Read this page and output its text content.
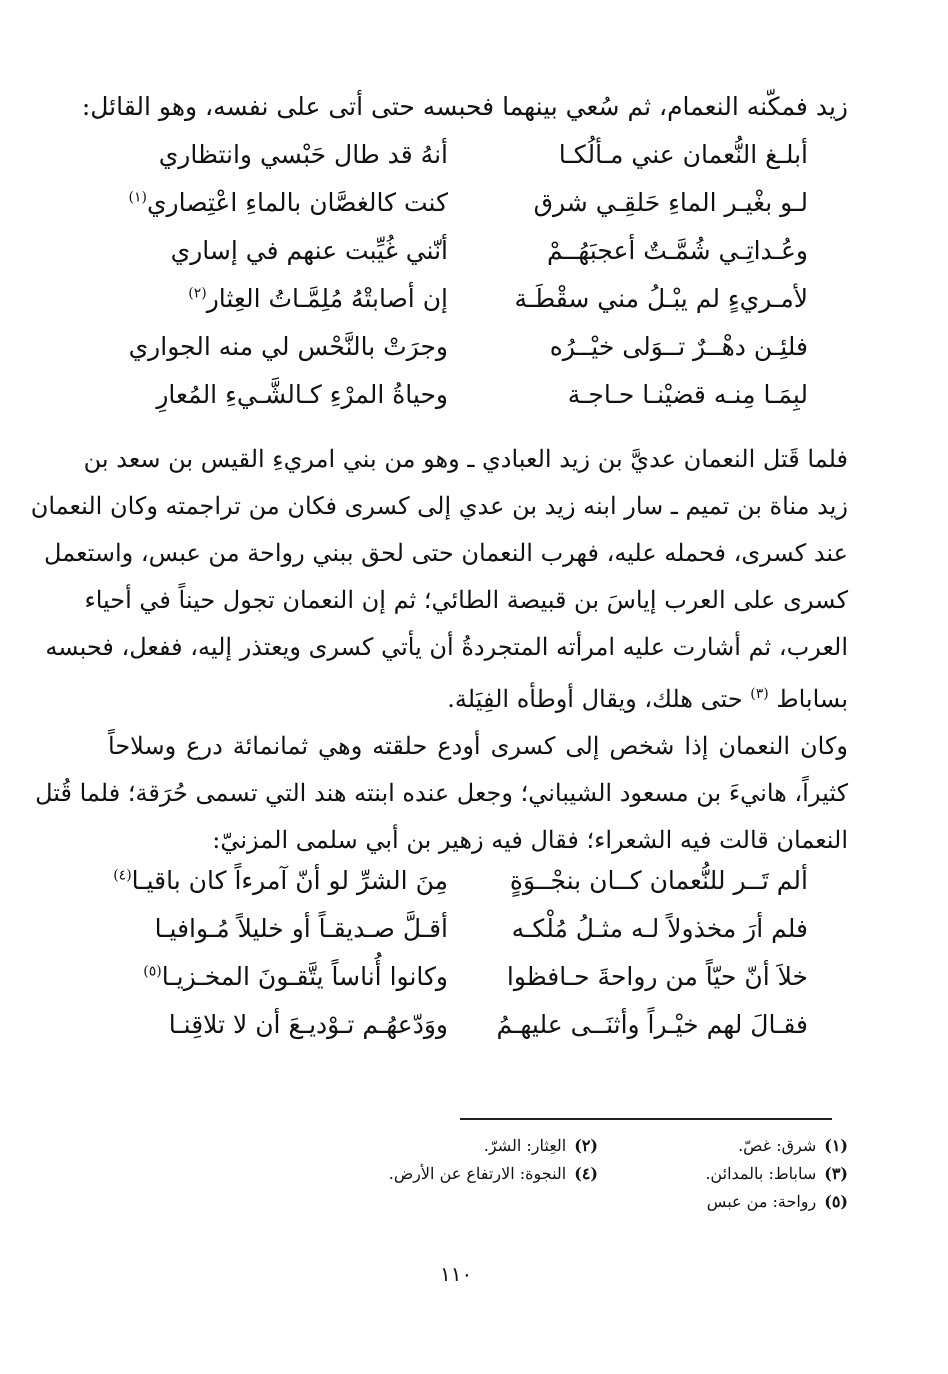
زيد فمكّنه النعمام، ثم سُعي بينهما فحبسه حتى أتى على نفسه، وهو القائل:
أبلـغ النُّعمان عني مـألُكـا
أنهُ قد طال حَبْسي وانتظاري
لـو بغْيـر الماءِ حَلقِـي شرق
كنت كالغصَّان بالماءِ اعْتِصاري$^{(١)}$
وعُـداتِـي شُمَّـتٌ أعجبَهُــمْ
أنّني غُيِّبت عنهم في إساري
لأمـريءٍ لم يبْـلُ مني سقْطَـة
إن أصابتْهُ مُلِمَّـاتُ العِثار$^{(٢)}$
فلئِـن دهْــرٌ تــوَلى خيْــرُه
وجرَتْ بالنَّحْس لي منه الجواري
لبِمَـا مِنـه قضيْنـا حـاجـة
وحياةُ المرْءِ كـالشَّـيءِ المُعارِ
فلما قَتل النعمان عديَّ بن زيد العبادي ـ وهو من بني امريءِ القيس بن سعد بن
زيد مناة بن تميم ـ سار ابنه زيد بن عدي إلى كسرى فكان من تراجمته وكان النعمان
عند كسرى، فحمله عليه، فهرب النعمان حتى لحق ببني رواحة من عبس، واستعمل
كسرى على العرب إياسَ بن قبيصة الطائي؛ ثم إن النعمان تجول حيناً في أحياء
العرب، ثم أشارت عليه امرأته المتجردةُ أن يأتي كسرى ويعتذر إليه، ففعل، فحبسه
بساباط $^{(٣)}$ حتى هلك، ويقال أوطأه الفِيَلة.
وكان النعمان إذا شخص إلى كسرى أودع حلقته وهي ثمانمائة درع وسلاحاً
كثيراً، هانيءَ بن مسعود الشيباني؛ وجعل عنده ابنته هند التي تسمى حُرَقة؛ فلما قُتل
النعمان قالت فيه الشعراء؛ فقال فيه زهير بن أبي سلمى المزنيّ:
ألم تَــر للنُّعمان كــان بنجْــوَةٍ
مِنَ الشرِّ لو أنّ آمرءاً كان باقيـا$^{(٤)}$
فلم أرَ مخذولاً لـه مثـلُ مُلْكـه
أقـلَّ صـديقـاً أو خليلاً مُـوافيـا
خلاَ أنّ حيّاً من رواحةَ حـافظوا
وكانوا أُناساً يتَّقـونَ المخـزيـا$^{(٥)}$
فقـالَ لهم خيْـراً وأثنَــى عليهـمُ
ووَدّعهُـم تـوْديـعَ أن لا تلاقِنـا
(١)شرق: غصّ.
(٢)العِثار: الشرّ.
(٣)ساباط: بالمدائن.
(٤)النجوة: الارتفاع عن الأرض.
(٥)رواحة: من عبس
١١٠
